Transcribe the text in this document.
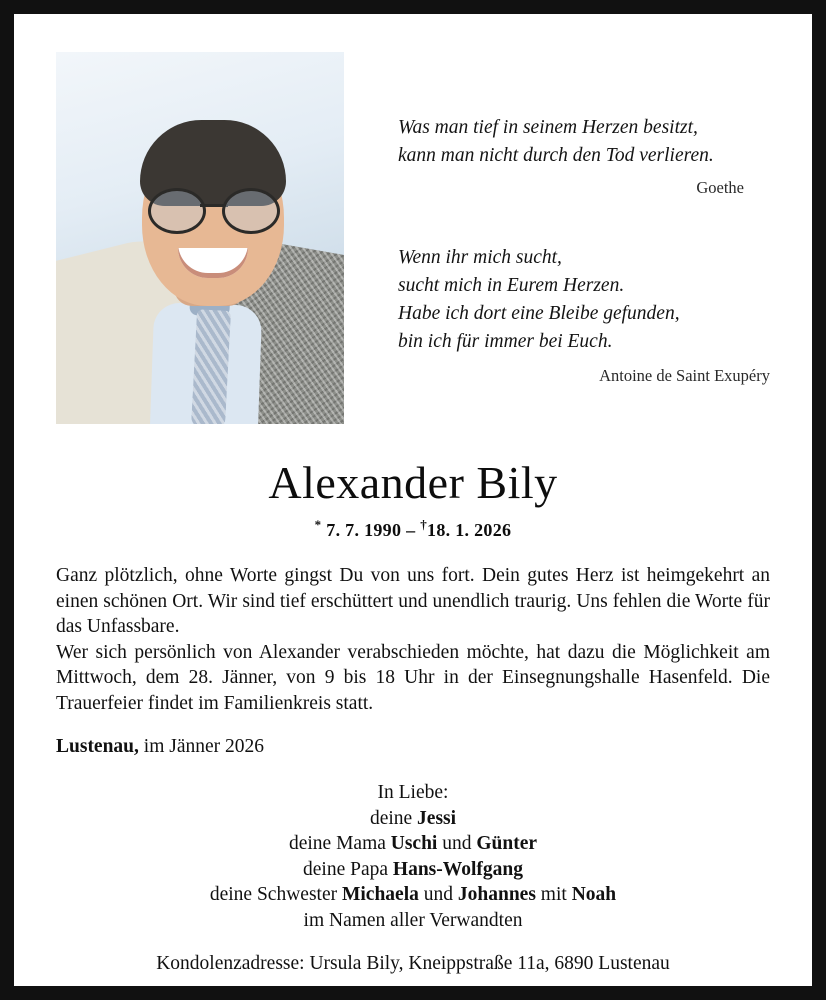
Was man tief in seinem Herzen besitzt,
kann man nicht durch den Tod verlieren.
Goethe
Wenn ihr mich sucht,
sucht mich in Eurem Herzen.
Habe ich dort eine Bleibe gefunden,
bin ich für immer bei Euch.
Antoine de Saint Exupéry
Alexander Bily
* 7. 7. 1990 – †18. 1. 2026

Ganz plötzlich, ohne Worte gingst Du von uns fort. Dein gutes Herz ist heimgekehrt an einen schönen Ort. Wir sind tief erschüttert und unendlich traurig. Uns fehlen die Worte für das Unfassbare.

Wer sich persönlich von Alexander verabschieden möchte, hat dazu die Möglichkeit am Mittwoch, dem 28. Jänner, von 9 bis 18 Uhr in der Einsegnungshalle Hasenfeld. Die Trauerfeier findet im Familienkreis statt.

Lustenau, im Jänner 2026
In Liebe:
deine Jessi
deine Mama Uschi und Günter
deine Papa Hans-Wolfgang
deine Schwester Michaela und Johannes mit Noah
im Namen aller Verwandten
Kondolenzadresse: Ursula Bily, Kneippstraße 11a, 6890 Lustenau
